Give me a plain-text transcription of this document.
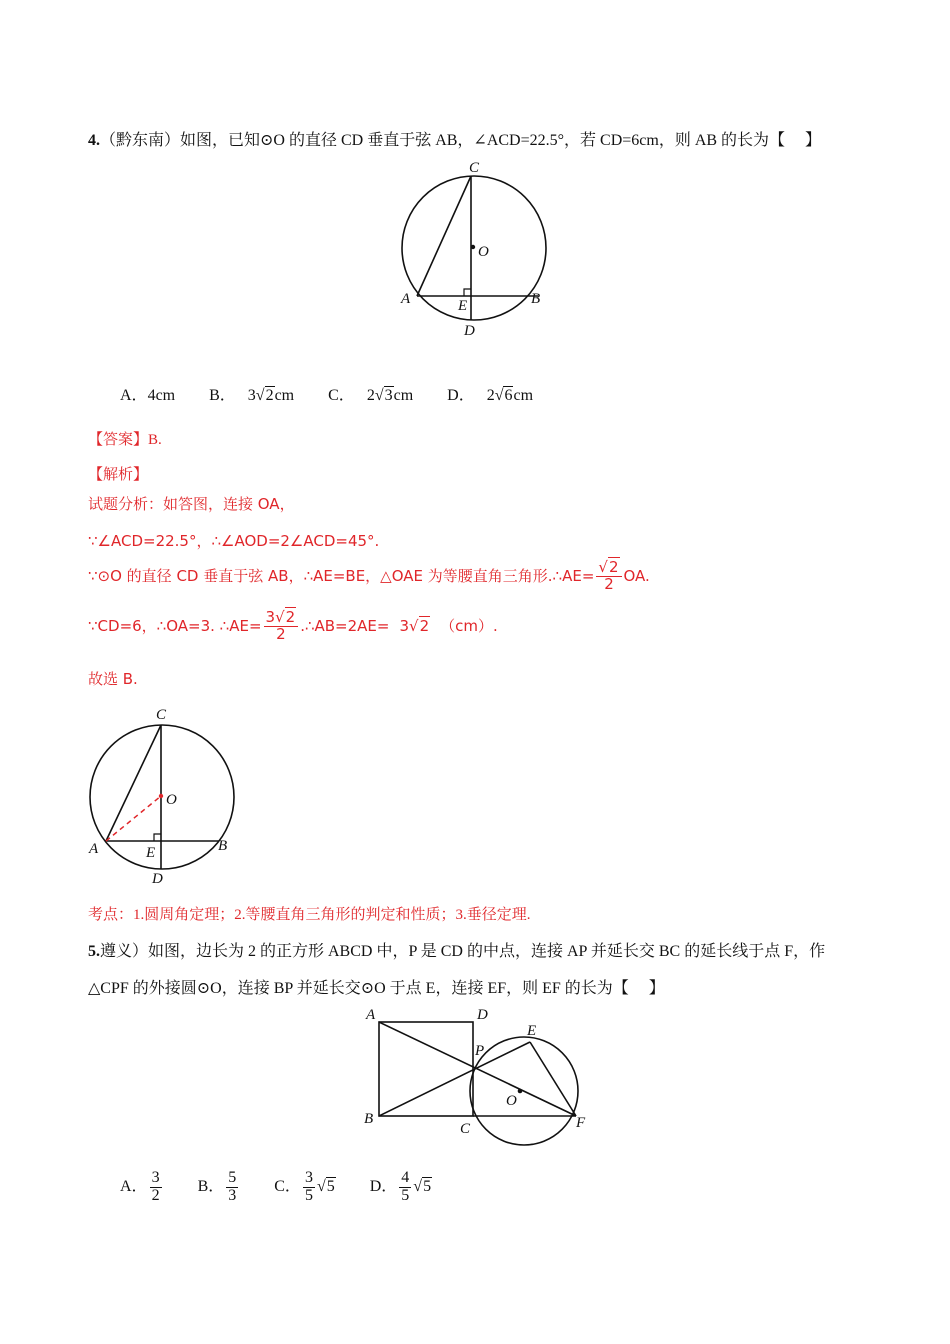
4.（黔东南）如图，已知⊙O 的直径 CD 垂直于弦 AB，∠ACD=22.5°，若 CD=6cm，则 AB 的长为【　 】
C
O
A	E	B
D
A．4cm B． 3√2cm C． 2√3cm D． 2√6cm
【答案】B.
【解析】
试题分析：如答图，连接 OA，
∵∠ACD=22.5°，∴∠AOD=2∠ACD=45°.
∵⊙O 的直径 CD 垂直于弦 AB，∴AE=BE，△OAE 为等腰直角三角形.∴AE= $\frac{√2}{2}$ OA.
∵CD=6，∴OA=3. ∴AE= $\frac{3√2}{2}$ .∴AB=2AE= 3√2 （cm）.
故选 B.
C
O
A	E	B
D
考点：1.圆周角定理；2.等腰直角三角形的判定和性质；3.垂径定理.
5.遵义）如图，边长为 2 的正方形 ABCD 中，P 是 CD 的中点，连接 AP 并延长交 BC 的延长线于点 F，作
△CPF 的外接圆⊙O，连接 BP 并延长交⊙O 于点 E，连接 EF，则 EF 的长为【　 】
A	D
E
P
O
B
C	F
A． $\frac{3}{2}$ B． $\frac{5}{3}$ C． $\frac{3}{5} √5$ D． $\frac{4}{5} √5$
